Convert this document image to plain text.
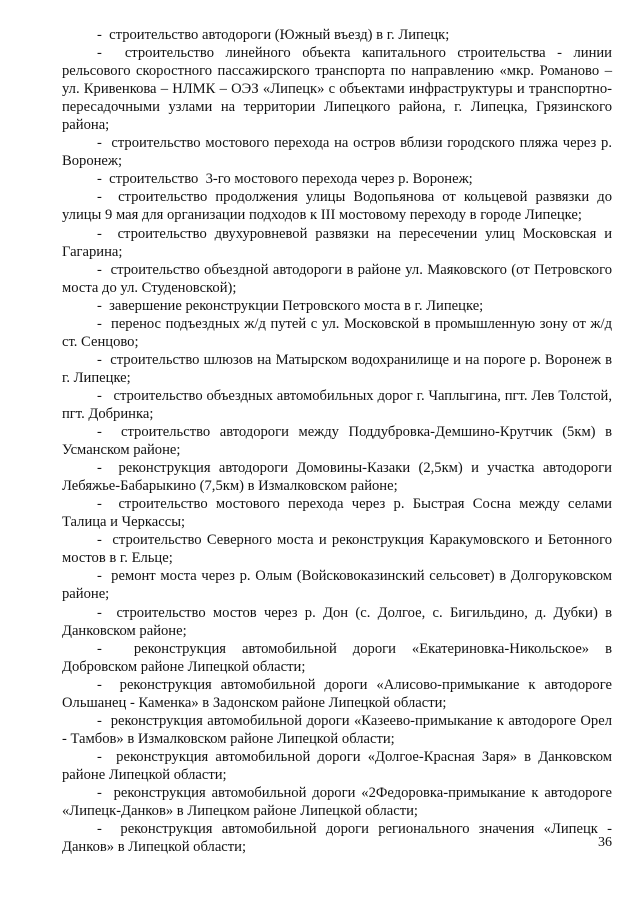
-  строительство автодороги (Южный въезд) в г. Липецк;

-  строительство линейного объекта капитального строительства - линии рельсового скоростного пассажирского транспорта по направлению «мкр. Романово – ул. Кривенкова – НЛМК – ОЭЗ «Липецк» с объектами инфраструктуры и транспортно-пересадочными узлами на территории Липецкого района, г. Липецка, Грязинского района;

-  строительство мостового перехода на остров вблизи городского пляжа через р. Воронеж;

-  строительство  3-го мостового перехода через р. Воронеж;

-  строительство продолжения улицы Водопьянова от кольцевой развязки до улицы 9 мая для организации подходов к III мостовому переходу в городе Липецке;

-  строительство двухуровневой развязки на пересечении улиц Московская и Гагарина;

-  строительство объездной автодороги в районе ул. Маяковского (от Петровского моста до ул. Студеновской);

-  завершение реконструкции Петровского моста в г. Липецке;

-  перенос подъездных ж/д путей с ул. Московской в промышленную зону от ж/д ст. Сенцово;

-  строительство шлюзов на Матырском водохранилище и на пороге р. Воронеж в г. Липецке;

-   строительство объездных автомобильных дорог г. Чаплыгина, пгт. Лев Толстой, пгт. Добринка;

-  строительство автодороги между Поддубровка-Демшино-Крутчик (5км) в Усманском районе;

-  реконструкция автодороги Домовины-Казаки (2,5км) и участка автодороги Лебяжье-Бабарыкино (7,5км) в Измалковском районе;

-  строительство мостового перехода через р. Быстрая Сосна между селами Талица и Черкассы;

-  строительство Северного моста и реконструкция Каракумовского и Бетонного мостов в г. Ельце;

-  ремонт моста через р. Олым (Войсковоказинский сельсовет) в Долгоруковском районе;

-  строительство мостов через р. Дон (с. Долгое, с. Бигильдино, д. Дубки) в Данковском районе;

-  реконструкция автомобильной дороги «Екатериновка-Никольское» в Добровском районе Липецкой области;

-  реконструкция автомобильной дороги «Алисово-примыкание к автодороге Ольшанец - Каменка» в Задонском районе Липецкой области;

-  реконструкция автомобильной дороги «Казеево-примыкание к автодороге Орел - Тамбов» в Измалковском районе Липецкой области;

-  реконструкция автомобильной дороги «Долгое-Красная Заря» в Данковском районе Липецкой области;

-  реконструкция автомобильной дороги «2Федоровка-примыкание к автодороге «Липецк-Данков» в Липецком районе Липецкой области;

-  реконструкция автомобильной дороги регионального значения «Липецк - Данков» в Липецкой области;	36
